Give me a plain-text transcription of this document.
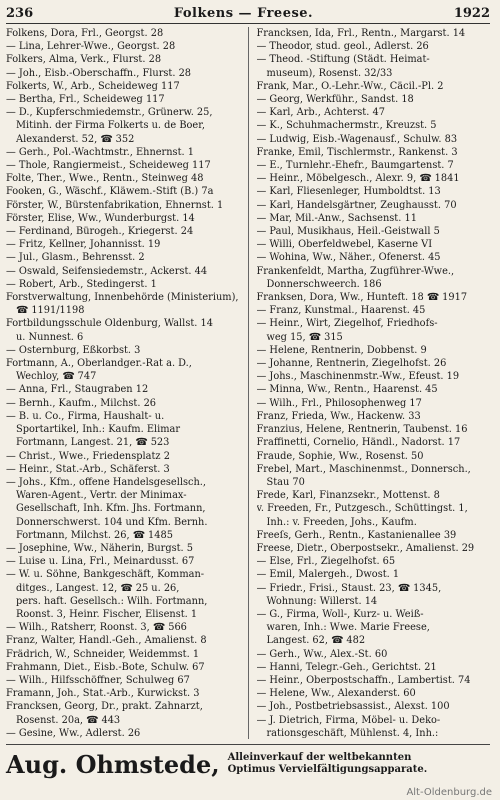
236	Folkens — Freese.	1922
Folkens, Dora, Frl., Georgst. 28
— Lina, Lehrer-Wwe., Georgst. 28
Folkers, Alma, Verk., Flurst. 28
— Joh., Eisb.-Oberschaffn., Flurst. 28
Folkerts, W., Arb., Scheideweg 117
— Bertha, Frl., Scheideweg 117
— D., Kupferschmiedemstr., Grünerw. 25,
Mitinh. der Firma Folkerts u. de Boer,
Alexanderst. 52, ☎ 352
— Gerh., Pol.-Wachtmstr., Ehnernst. 1
— Thole, Rangiermeist., Scheideweg 117
Folte, Ther., Wwe., Rentn., Steinweg 48
Fooken, G., Wäschf., Kläwem.-Stift (B.) 7a
Förster, W., Bürstenfabrikation, Ehnernst. 1
Förster, Elise, Ww., Wunderburgst. 14
— Ferdinand, Bürogeh., Kriegerst. 24
— Fritz, Kellner, Johannisst. 19
— Jul., Glasm., Behrensst. 2
— Oswald, Seifensiedemstr., Ackerst. 44
— Robert, Arb., Stedingerst. 1
Forstverwaltung, Innenbehörde (Ministerium),
☎ 1191/1198
Fortbildungsschule Oldenburg, Wallst. 14
u. Nunnest. 6
— Osternburg, Eßkorbst. 3
Fortmann, A., Oberlandger.-Rat a. D.,
Wechloy, ☎ 747
— Anna, Frl., Staugraben 12
— Bernh., Kaufm., Milchst. 26
— B. u. Co., Firma, Haushalt- u.
Sportartikel, Inh.: Kaufm. Elimar
Fortmann, Langest. 21, ☎ 523
— Christ., Wwe., Friedensplatz 2
— Heinr., Stat.-Arb., Schäferst. 3
— Johs., Kfm., offene Handelsgesellsch.,
Waren-Agent., Vertr. der Minimax-
Gesellschaft, Inh. Kfm. Jhs. Fortmann,
Donnerschwerst. 104 und Kfm. Bernh.
Fortmann, Milchst. 26, ☎ 1485
— Josephine, Ww., Näherin, Burgst. 5
— Luise u. Lina, Frl., Meinardusst. 67
— W. u. Söhne, Bankgeschäft, Komman-
ditges., Langest. 12, ☎ 25 u. 26,
pers. haft. Gesellsch.: Wilh. Fortmann,
Roonst. 3, Heinr. Fischer, Elisenst. 1
— Wilh., Ratsherr, Roonst. 3, ☎ 566
Franz, Walter, Handl.-Geh., Amalienst. 8
Frädrich, W., Schneider, Weidemmst. 1
Frahmann, Diet., Eisb.-Bote, Schulw. 67
— Wilh., Hilfsschöffner, Schulweg 67
Framann, Joh., Stat.-Arb., Kurwickst. 3
Francksen, Georg, Dr., prakt. Zahnarzt,
Rosenst. 20a, ☎ 443
— Gesine, Ww., Adlerst. 26
Francksen, Ida, Frl., Rentn., Margarst. 14
— Theodor, stud. geol., Adlerst. 26
— Theod. -Stiftung (Städt. Heimat-
museum), Rosenst. 32/33
Frank, Mar., O.-Lehr.-Ww., Cäcil.-Pl. 2
— Georg, Werkführ., Sandst. 18
— Karl, Arb., Achterst. 47
— K., Schuhmachermstr., Kreuzst. 5
— Ludwig, Eisb.-Wagenausf., Schulw. 83
Franke, Emil, Tischlermstr., Rankenst. 3
— E., Turnlehr.-Ehefr., Baumgartenst. 7
— Heinr., Möbelgesch., Alexr. 9, ☎ 1841
— Karl, Fliesenleger, Humboldtst. 13
— Karl, Handelsgärtner, Zeughausst. 70
— Mar, Mil.-Anw., Sachsenst. 11
— Paul, Musikhaus, Heil.-Geistwall 5
— Willi, Oberfeldwebel, Kaserne VI
— Wohina, Ww., Näher., Ofenerst. 45
Frankenfeldt, Martha, Zugführer-Wwe.,
Donnerschweerch. 186
Franksen, Dora, Ww., Hunteft. 18 ☎ 1917
— Franz, Kunstmal., Haarenst. 45
— Heinr., Wirt, Ziegelhof, Friedhofs-
weg 15, ☎ 315
— Helene, Rentnerin, Dobbenst. 9
— Johanne, Rentnerin, Ziegelhofst. 26
— Johs., Maschinenmstr.-Ww., Efeust. 19
— Minna, Ww., Rentn., Haarenst. 45
— Wilh., Frl., Philosophenweg 17
Franz, Frieda, Ww., Hackenw. 33
Franzius, Helene, Rentnerin, Taubenst. 16
Fraffinetti, Cornelio, Händl., Nadorst. 17
Fraude, Sophie, Ww., Rosenst. 50
Frebel, Mart., Maschinenmst., Donnersch.,
Stau 70
Frede, Karl, Finanzsekr., Mottenst. 8
v. Freeden, Fr., Putzgesch., Schüttingst. 1,
Inh.: v. Freeden, Johs., Kaufm.
Freeſs, Gerh., Rentn., Kastanienallee 39
Freese, Dietr., Oberpostsekr., Amalienst. 29
— Else, Frl., Ziegelhofst. 65
— Emil, Malergeh., Dwost. 1
— Friedr., Frisi., Staust. 23, ☎ 1345,
Wohnung: Willerst. 14
— G., Firma, Woll-, Kurz- u. Weiß-
waren, Inh.: Wwe. Marie Freese,
Langest. 62, ☎ 482
— Gerh., Ww., Alex.-St. 60
— Hanni, Telegr.-Geh., Gerichtst. 21
— Heinr., Oberpostschaffn., Lambertist. 74
— Helene, Ww., Alexanderst. 60
— Joh., Postbetriebsassist., Alexst. 100
— J. Dietrich, Firma, Möbel- u. Deko-
rationsgeschäft, Mühlenst. 4, Inh.:
Aug. Ohmstede, Alleinverkauf der weltbekannten
Optimus Vervielfältigungsapparate.
Alt-Oldenburg.de
